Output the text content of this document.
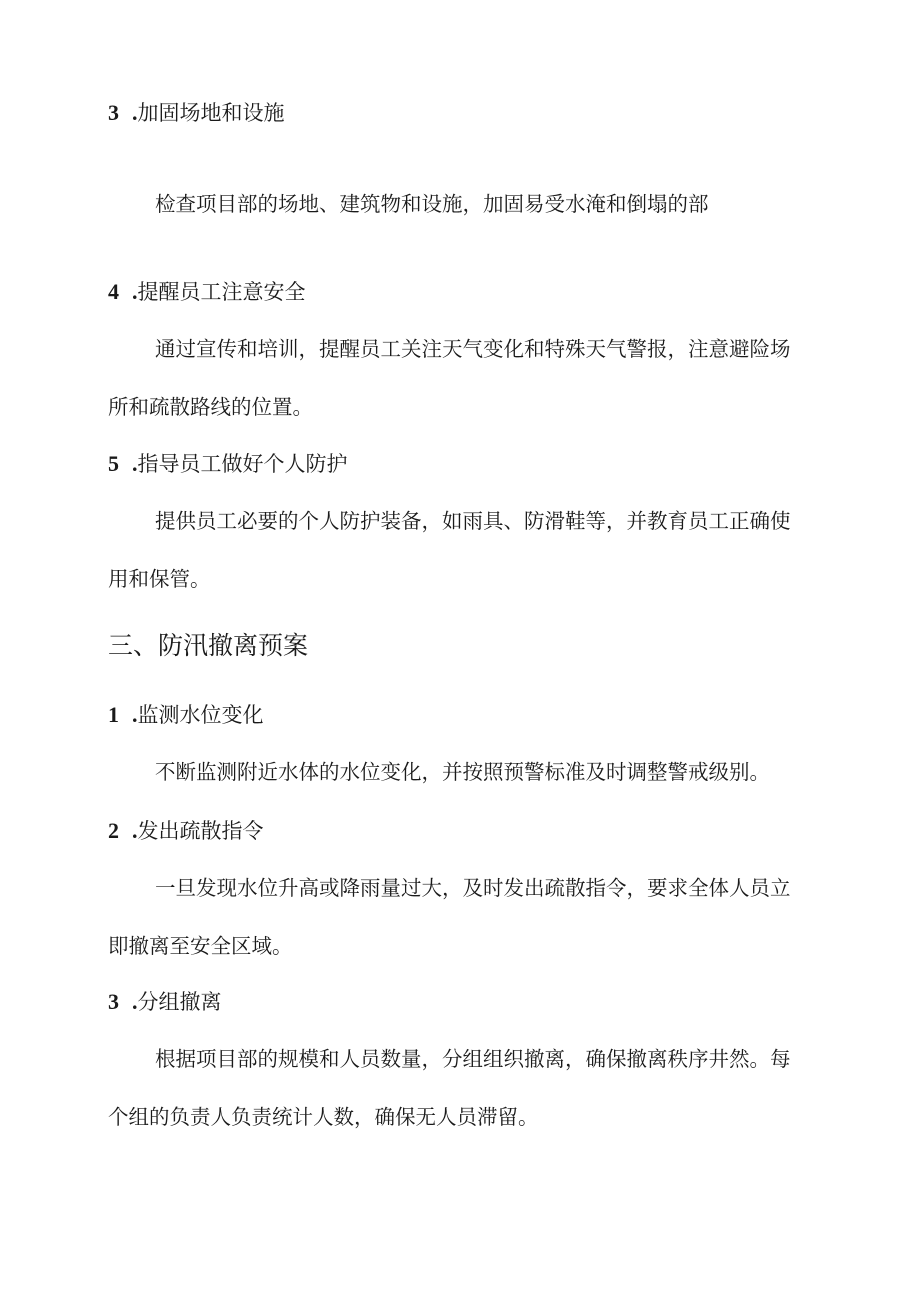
3 .加固场地和设施

检查项目部的场地、建筑物和设施，加固易受水淹和倒塌的部

4 .提醒员工注意安全

通过宣传和培训，提醒员工关注天气变化和特殊天气警报，注意避险场所和疏散路线的位置。

5 .指导员工做好个人防护

提供员工必要的个人防护装备，如雨具、防滑鞋等，并教育员工正确使用和保管。

三、防汛撤离预案
1 .监测水位变化

不断监测附近水体的水位变化，并按照预警标准及时调整警戒级别。

2 .发出疏散指令

一旦发现水位升高或降雨量过大，及时发出疏散指令，要求全体人员立即撤离至安全区域。

3 .分组撤离

根据项目部的规模和人员数量，分组组织撤离，确保撤离秩序井然。每个组的负责人负责统计人数，确保无人员滞留。
